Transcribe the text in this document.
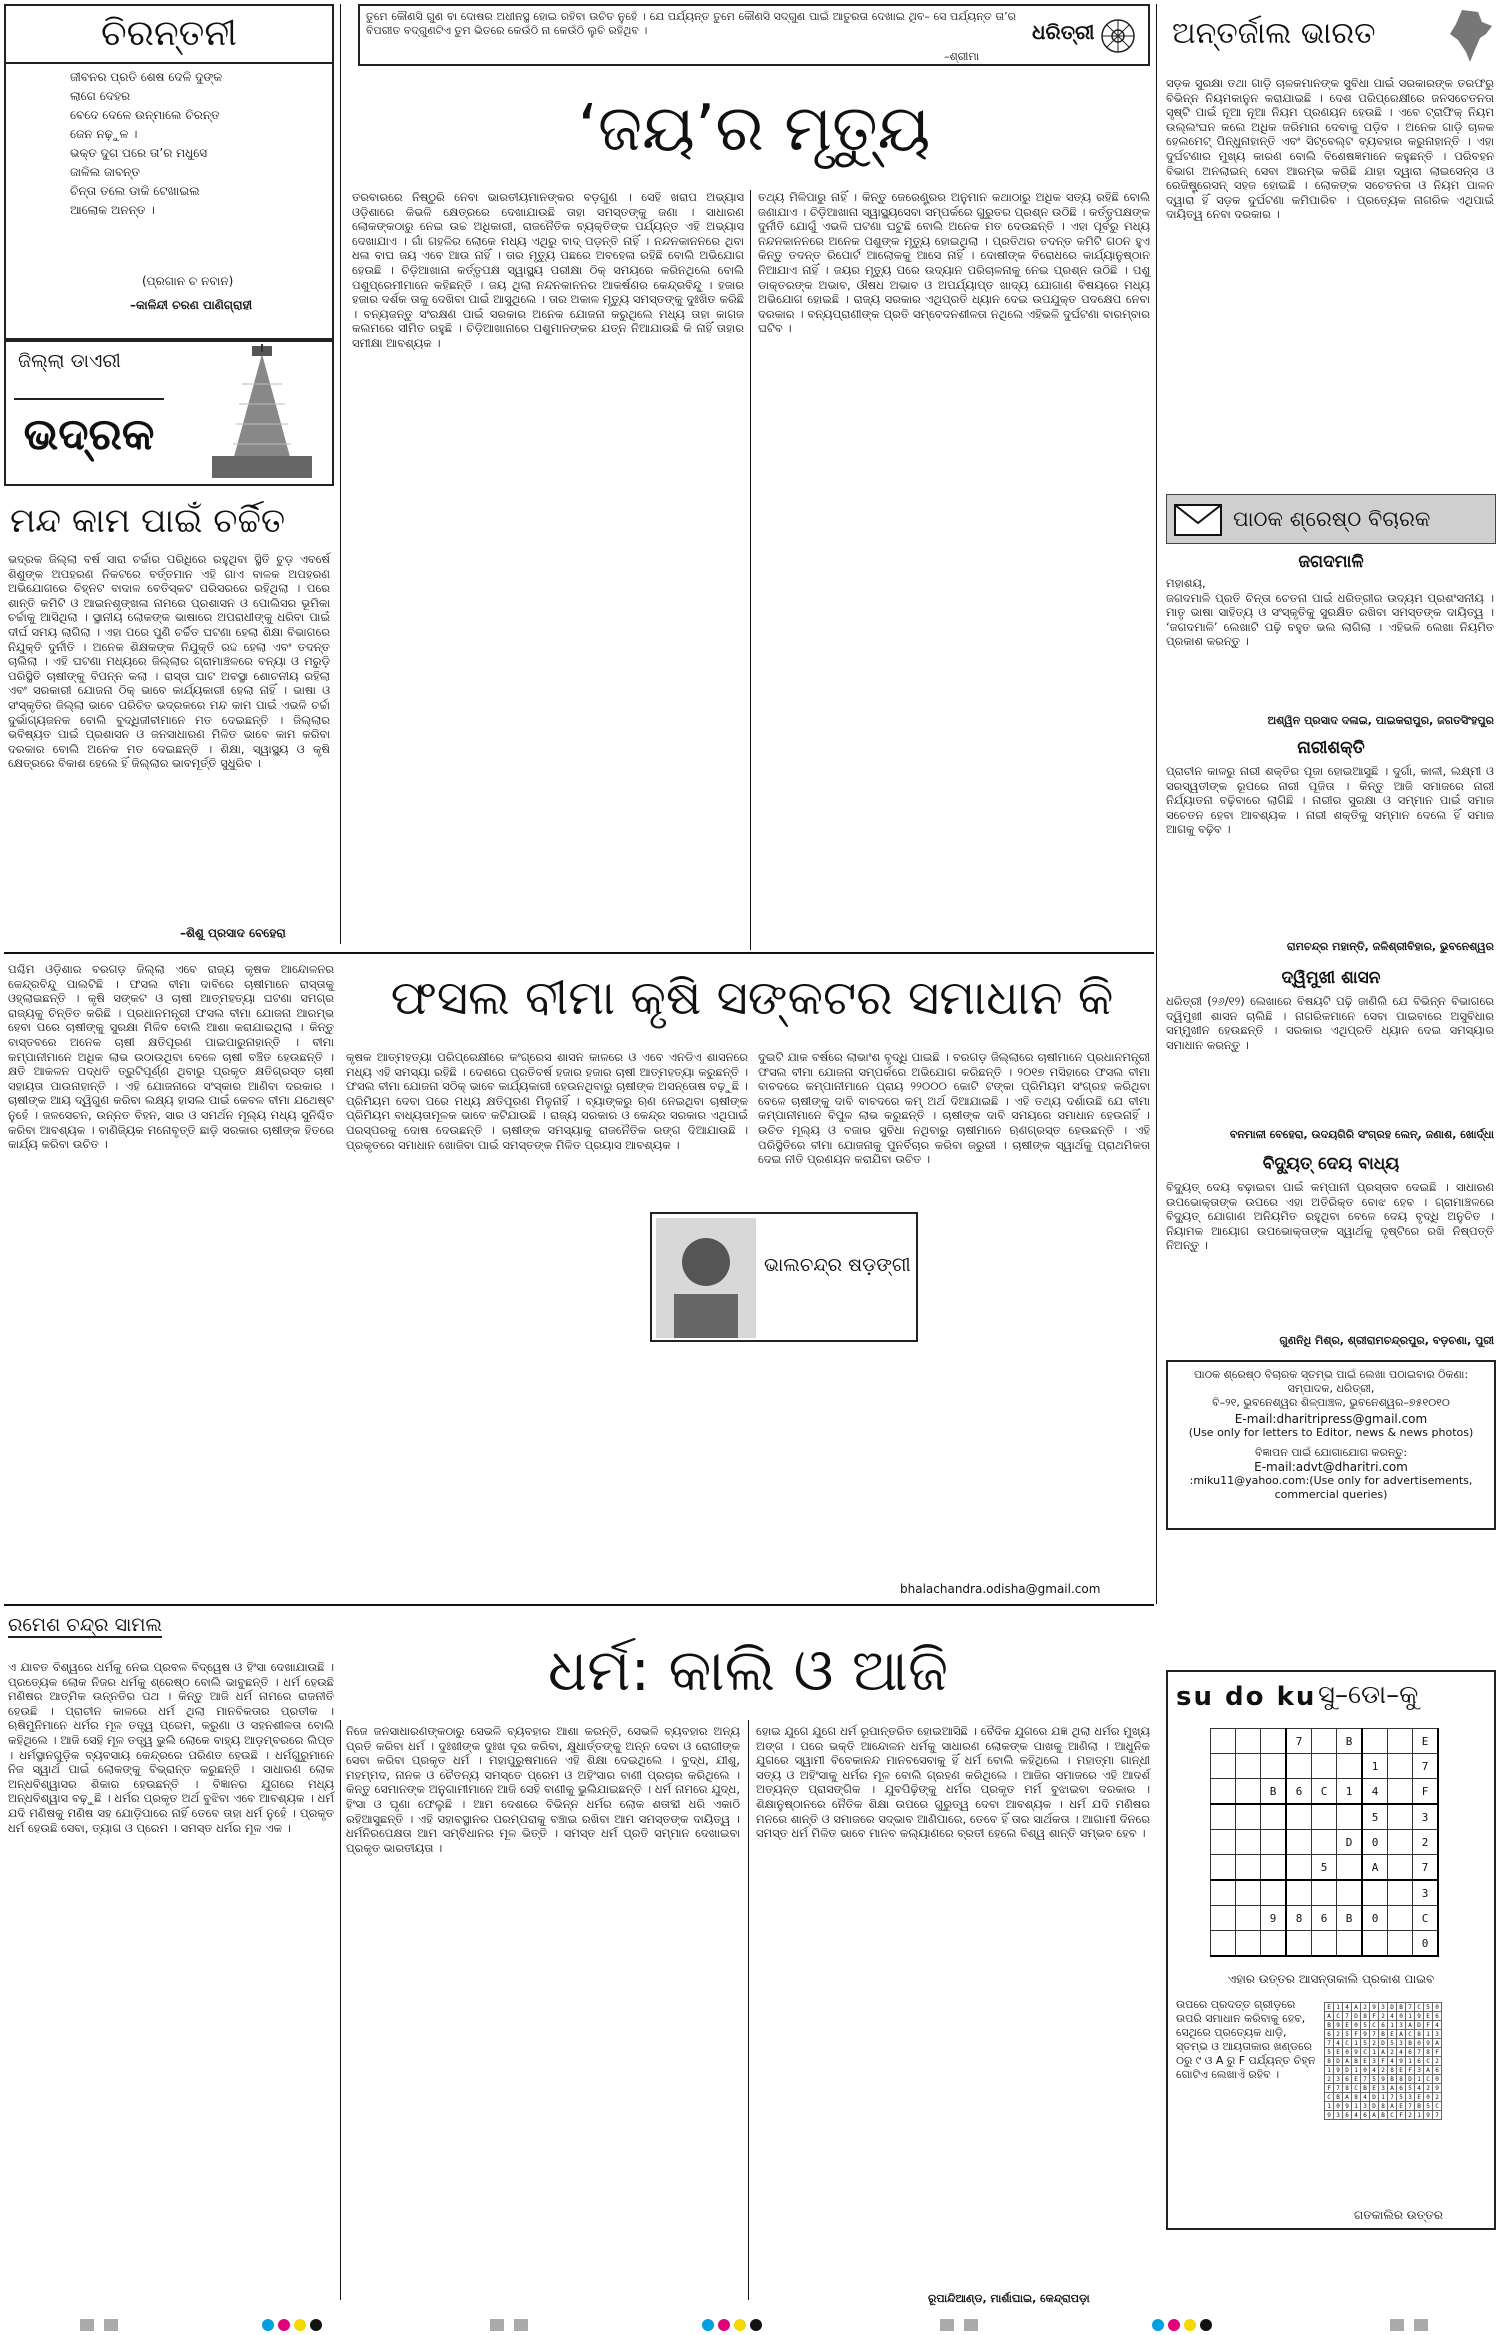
ଚିରନ୍ତନୀ
ଜୀବନର ପ୍ରତି ଶେଷ ଦେଳି ଦୁଙ୍କ
ଲାଗେ ଦେହର
ବେଦେ ଦେଳେ ଉନ୍ମାଲେ ଚିରନ୍ତ
ଜେନ ନଢ଼ୁଳ ।
ଭକ୍ତ ଦୁଗ ପରେ ତା’ର ମଧୁସେ
ଜାଳିଲ ଜାବନ୍ତ
ଚିନ୍ତା ତଲେ ଡାକି ଟେଖାଇଲ
ଆଲୋକ ଅନନ୍ତ ।
(ପ୍ରଗାନ ଚ ନବାନ)
–କାଳିନ୍ଦୀ ଚରଣ ପାଣିଗ୍ରାହୀ
ଜିଲ୍ଲା ଡାଏରୀ
ଭଦ୍ରକ
ମନ୍ଦ କାମ ପାଇଁ ଚର୍ଚ୍ଚିତ
ଭଦ୍ରକ ଜିଲ୍ଲା ବର୍ଷ ସାରା ଚର୍ଚ୍ଚାର ପରିଧିରେ ରହୁଥିବା ସ୍ଥିତି ଚୁଡ଼ ଏବର୍ଷେ ଶିଶୁଙ୍କ ଅପହରଣ ନିକଟରେ ବର୍ତ୍ତମାନ ଏହି ଗାଏ ବାଳକ ଅପହରଣ ଅଭିଯୋଗରେ ଚିହ୍ନଟ ବାଦାଳ ବେତିସ୍କଟ ପରିସରରେ ରହିଥିଲା । ପରେ ଶାନ୍ତି କମିଟି ଓ ଆଇନଶୃଙ୍ଖଳା ନାମରେ ପ୍ରଶାସନ ଓ ପୋଲିସର ଭୂମିକା ଚର୍ଚ୍ଚାକୁ ଆସିଥିଲା । ସ୍ଥାନୀୟ ଲୋକଙ୍କ ଭାଷାରେ ଅପରାଧୀଙ୍କୁ ଧରିବା ପାଇଁ ଦୀର୍ଘ ସମୟ ଲାଗିଲା । ଏହା ପରେ ପୁଣି ଚର୍ଚ୍ଚିତ ଘଟଣା ହେଲା ଶିକ୍ଷା ବିଭାଗରେ ନିଯୁକ୍ତି ଦୁର୍ନୀତି । ଅନେକ ଶିକ୍ଷକଙ୍କ ନିଯୁକ୍ତି ରଦ୍ଦ ହେଲା ଏବଂ ତଦନ୍ତ ଚାଲିଲା । ଏହି ଘଟଣା ମଧ୍ୟରେ ଜିଲ୍ଲାର ଗ୍ରାମାଞ୍ଚଳରେ ବନ୍ୟା ଓ ମରୁଡ଼ି ପରିସ୍ଥିତି ଚାଷୀଙ୍କୁ ବିପନ୍ନ କଲା । ରାସ୍ତା ଘାଟ ଅବସ୍ଥା ଶୋଚନୀୟ ରହିଲା ଏବଂ ସରକାରୀ ଯୋଜନା ଠିକ୍ ଭାବେ କାର୍ଯ୍ୟକାରୀ ହେଲା ନାହିଁ । ଭାଷା ଓ ସଂସ୍କୃତିର ଜିଲ୍ଲା ଭାବେ ପରିଚିତ ଭଦ୍ରକରେ ମନ୍ଦ କାମ ପାଇଁ ଏଭଳି ଚର୍ଚ୍ଚା ଦୁର୍ଭାଗ୍ୟଜନକ ବୋଲି ବୁଦ୍ଧିଜୀବୀମାନେ ମତ ଦେଇଛନ୍ତି । ଜିଲ୍ଲାର ଭବିଷ୍ୟତ ପାଇଁ ପ୍ରଶାସନ ଓ ଜନସାଧାରଣ ମିଳିତ ଭାବେ କାମ କରିବା ଦରକାର ବୋଲି ଅନେକ ମତ ଦେଇଛନ୍ତି । ଶିକ୍ଷା, ସ୍ୱାସ୍ଥ୍ୟ ଓ କୃଷି କ୍ଷେତ୍ରରେ ବିକାଶ ହେଲେ ହିଁ ଜିଲ୍ଲାର ଭାବମୂର୍ତ୍ତି ସୁଧୁରିବ ।
–ଶିଶୁ ପ୍ରସାଦ ବେହେରା
ତୁମେ କୌଣସି ଗୁଣ ବା ଦୋଷର ଅଧୀନସ୍ଥ ହୋଇ ରହିବା ଉଚିତ ନୁହେଁ । ଯେ ପର୍ଯ୍ୟନ୍ତ ତୁମେ କୌଣସି ସଦ୍‌ଗୁଣ ପାଇଁ ଆତୁରତା ଦେଖାଇ ଥିବ– ସେ ପର୍ଯ୍ୟନ୍ତ ତା’ର ବିପରୀତ ବଦ୍‌ଗୁଣଟିଏ ତୁମ ଭିତରେ କେଉଁଠି ନା କେଉଁଠି ଲୁଚି ରହିଥିବ ।
–ଶ୍ରୀମା
ଧରିତ୍ରୀ
‘ଜୟ’ର ମୃତ୍ୟୁ
ତରବାରରେ ନିଷ୍ଠୁରି ନେବା ଭାରତୀୟମାନଙ୍କର ବଡ଼ଗୁଣ । ସେହି ଖରାପ ଅଭ୍ୟାସ ଓଡ଼ିଶାରେ କିଭଳି କ୍ଷେତ୍ରରେ ଦେଖାଯାଉଛି ତାହା ସମସ୍ତଙ୍କୁ ଜଣା । ସାଧାରଣ ଲୋକଙ୍କଠାରୁ ନେଇ ଉଚ୍ଚ ଅଧିକାରୀ, ରାଜନୈତିକ ବ୍ୟକ୍ତିଙ୍କ ପର୍ଯ୍ୟନ୍ତ ଏହି ଅଭ୍ୟାସ ଦେଖାଯାଏ । ଗାଁ ଗହଳିର ଲୋକେ ମଧ୍ୟ ଏଥିରୁ ବାଦ୍ ପଡ଼ନ୍ତି ନାହିଁ । ନନ୍ଦନକାନନରେ ଥିବା ଧଳା ବାଘ ଜୟ ଏବେ ଆଉ ନାହିଁ । ତାର ମୃତ୍ୟୁ ପଛରେ ଅବହେଳା ରହିଛି ବୋଲି ଅଭିଯୋଗ ହେଉଛି । ଚିଡ଼ିଆଖାନା କର୍ତ୍ତୃପକ୍ଷ ସ୍ୱାସ୍ଥ୍ୟ ପରୀକ୍ଷା ଠିକ୍ ସମୟରେ କରିନଥିଲେ ବୋଲି ପଶୁପ୍ରେମୀମାନେ କହିଛନ୍ତି । ଜୟ ଥିଲା ନନ୍ଦନକାନନର ଆକର୍ଷଣର କେନ୍ଦ୍ରବିନ୍ଦୁ । ହଜାର ହଜାର ଦର୍ଶକ ତାକୁ ଦେଖିବା ପାଇଁ ଆସୁଥିଲେ । ତାର ଅକାଳ ମୃତ୍ୟୁ ସମସ୍ତଙ୍କୁ ଦୁଃଖିତ କରିଛି । ବନ୍ୟଜନ୍ତୁ ସଂରକ୍ଷଣ ପାଇଁ ସରକାର ଅନେକ ଯୋଜନା କରୁଥିଲେ ମଧ୍ୟ ତାହା କାଗଜ କଲମରେ ସୀମିତ ରହୁଛି । ଚିଡ଼ିଆଖାନାରେ ପଶୁମାନଙ୍କର ଯତ୍ନ ନିଆଯାଉଛି କି ନାହିଁ ତାହାର ସମୀକ୍ଷା ଆବଶ୍ୟକ ।
ତଥ୍ୟ ମିଳିପାରୁ ନାହିଁ । କିନ୍ତୁ ଜେରେଣ୍ଟ୍ରର ଅନୁମାନ କଥାଠାରୁ ଅଧିକ ସତ୍ୟ ରହିଛି ବୋଲି ଜଣାଯାଏ । ଚିଡ଼ିଆଖାନା ସ୍ୱାସ୍ଥ୍ୟସେବା ସମ୍ପର୍କରେ ଗୁରୁତର ପ୍ରଶ୍ନ ଉଠିଛି । କର୍ତ୍ତୃପକ୍ଷଙ୍କ ଦୁର୍ନୀତି ଯୋଗୁଁ ଏଭଳି ଘଟଣା ଘଟୁଛି ବୋଲି ଅନେକ ମତ ଦେଉଛନ୍ତି । ଏହା ପୂର୍ବରୁ ମଧ୍ୟ ନନ୍ଦନକାନନରେ ଅନେକ ପଶୁଙ୍କ ମୃତ୍ୟୁ ହୋଇଥିଲା । ପ୍ରତିଥର ତଦନ୍ତ କମିଟି ଗଠନ ହୁଏ କିନ୍ତୁ ତଦନ୍ତ ରିପୋର୍ଟ ଆଲୋକକୁ ଆସେ ନାହିଁ । ଦୋଷୀଙ୍କ ବିରୋଧରେ କାର୍ଯ୍ୟାନୁଷ୍ଠାନ ନିଆଯାଏ ନାହିଁ । ଜୟର ମୃତ୍ୟୁ ପରେ ଉଦ୍ୟାନ ପରିଚାଳନାକୁ ନେଇ ପ୍ରଶ୍ନ ଉଠିଛି । ପଶୁ ଡାକ୍ତରଙ୍କ ଅଭାବ, ଔଷଧ ଅଭାବ ଓ ଅପର୍ଯ୍ୟାପ୍ତ ଖାଦ୍ୟ ଯୋଗାଣ ବିଷୟରେ ମଧ୍ୟ ଅଭିଯୋଗ ହୋଇଛି । ରାଜ୍ୟ ସରକାର ଏଥିପ୍ରତି ଧ୍ୟାନ ଦେଇ ଉପଯୁକ୍ତ ପଦକ୍ଷେପ ନେବା ଦରକାର । ବନ୍ୟପ୍ରାଣୀଙ୍କ ପ୍ରତି ସମ୍ବେଦନଶୀଳତା ନଥିଲେ ଏହିଭଳି ଦୁର୍ଘଟଣା ବାରମ୍ବାର ଘଟିବ ।
ଅନ୍ତର୍ଜାଲ ଭାରତ
ସଡ଼କ ସୁରକ୍ଷା ତଥା ଗାଡ଼ି ଚାଳକମାନଙ୍କ ସୁବିଧା ପାଇଁ ସରକାରଙ୍କ ତରଫରୁ ବିଭିନ୍ନ ନିୟମକାନୁନ କରାଯାଇଛି । ଦେଶ ପରିପ୍ରେକ୍ଷୀରେ ଜନସଚେତନତା ସୃଷ୍ଟି ପାଇଁ ନୂଆ ନୂଆ ନିୟମ ପ୍ରଣୟନ ହେଉଛି । ଏବେ ଟ୍ରାଫିକ୍ ନିୟମ ଉଲ୍ଲଂଘନ କଲେ ଅଧିକ ଜରିମାନା ଦେବାକୁ ପଡ଼ିବ । ଅନେକ ଗାଡ଼ି ଚାଳକ ହେଲମେଟ୍ ପିନ୍ଧୁନାହାନ୍ତି ଏବଂ ସିଟ୍‌ବେଲ୍ଟ ବ୍ୟବହାର କରୁନାହାନ୍ତି । ଏହା ଦୁର୍ଘଟଣାର ମୁଖ୍ୟ କାରଣ ବୋଲି ବିଶେଷଜ୍ଞମାନେ କହୁଛନ୍ତି । ପରିବହନ ବିଭାଗ ଅନଲାଇନ୍ ସେବା ଆରମ୍ଭ କରିଛି ଯାହା ଦ୍ୱାରା ଲାଇସେନ୍ସ ଓ ରେଜିଷ୍ଟ୍ରେସନ୍ ସହଜ ହୋଇଛି । ଲୋକଙ୍କ ସଚେତନତା ଓ ନିୟମ ପାଳନ ଦ୍ୱାରା ହିଁ ସଡ଼କ ଦୁର୍ଘଟଣା କମିପାରିବ । ପ୍ରତ୍ୟେକ ନାଗରିକ ଏଥିପାଇଁ ଦାୟିତ୍ୱ ନେବା ଦରକାର ।
ପାଠକ ଶ୍ରେଷ୍ଠ ବିଚାରକ
ଜଗଦମାଳି
ମହାଶୟ,
ଜଗଦମାଳି ପ୍ରତି ଚିନ୍ତା ଚେତନା ପାଇଁ ଧରିତ୍ରୀର ଉଦ୍ୟମ ପ୍ରଶଂସନୀୟ । ମାତୃ ଭାଷା ସାହିତ୍ୟ ଓ ସଂସ୍କୃତିକୁ ସୁରକ୍ଷିତ ରଖିବା ସମସ୍ତଙ୍କ ଦାୟିତ୍ୱ । ‘ଜଗଦମାଳି’ ଲେଖାଟି ପଢ଼ି ବହୁତ ଭଲ ଲାଗିଲା । ଏହିଭଳି ଲେଖା ନିୟମିତ ପ୍ରକାଶ କରନ୍ତୁ ।
ଅଶ୍ୱିନ ପ୍ରସାଦ ଦଳାଇ, ପାଇକରାପୁର, ଜଗତସିଂହପୁର
ନାରୀଶକ୍ତି
ପ୍ରାଚୀନ କାଳରୁ ନାରୀ ଶକ୍ତିର ପୂଜା ହୋଇଆସୁଛି । ଦୁର୍ଗା, କାଳୀ, ଲକ୍ଷ୍ମୀ ଓ ସରସ୍ୱତୀଙ୍କ ରୂପରେ ନାରୀ ପୂଜିତା । କିନ୍ତୁ ଆଜି ସମାଜରେ ନାରୀ ନିର୍ଯ୍ୟାତନା ବଢ଼ିବାରେ ଲାଗିଛି । ନାରୀର ସୁରକ୍ଷା ଓ ସମ୍ମାନ ପାଇଁ ସମାଜ ସଚେତନ ହେବା ଆବଶ୍ୟକ । ନାରୀ ଶକ୍ତିକୁ ସମ୍ମାନ ଦେଲେ ହିଁ ସମାଜ ଆଗକୁ ବଢ଼ିବ ।
ରାମଚନ୍ଦ୍ର ମହାନ୍ତି, ଜଳିଶ୍ରୀବିହାର, ଭୁବନେଶ୍ୱର
ଦ୍ୱିମୁଖୀ ଶାସନ
ଧରିତ୍ରୀ (୨୬/୧୨) ଲେଖାରେ ବିଷୟଟି ପଢ଼ି ଜାଣିଲି ଯେ ବିଭିନ୍ନ ବିଭାଗରେ ଦ୍ୱିମୁଖୀ ଶାସନ ଚାଲିଛି । ନାଗରିକମାନେ ସେବା ପାଇବାରେ ଅସୁବିଧାର ସମ୍ମୁଖୀନ ହେଉଛନ୍ତି । ସରକାର ଏଥିପ୍ରତି ଧ୍ୟାନ ଦେଇ ସମସ୍ୟାର ସମାଧାନ କରନ୍ତୁ ।
ବନମାଳୀ ବେହେରା, ଉଦୟଗିରି ସଂଗ୍ରହ ଲେନ୍, ଜଣାଶ, ଖୋର୍ଦ୍ଧା
ବିଦ୍ୟୁତ୍ ଦେୟ ବାଧ୍ୟ
ବିଦ୍ୟୁତ୍ ଦେୟ ବଢ଼ାଇବା ପାଇଁ କମ୍ପାନୀ ପ୍ରସ୍ତାବ ଦେଇଛି । ସାଧାରଣ ଉପଭୋକ୍ତାଙ୍କ ଉପରେ ଏହା ଅତିରିକ୍ତ ବୋଝ ହେବ । ଗ୍ରାମାଞ୍ଚଳରେ ବିଦ୍ୟୁତ୍ ଯୋଗାଣ ଅନିୟମିତ ରହୁଥିବା ବେଳେ ଦେୟ ବୃଦ୍ଧି ଅନୁଚିତ । ନିୟାମକ ଆୟୋଗ ଉପଭୋକ୍ତାଙ୍କ ସ୍ୱାର୍ଥକୁ ଦୃଷ୍ଟିରେ ରଖି ନିଷ୍ପତ୍ତି ନିଅନ୍ତୁ ।
ଗୁଣନିଧି ମିଶ୍ର, ଶ୍ରୀରାମଚନ୍ଦ୍ରପୁର, ବଡ଼ଚଣା, ପୁରୀ
ପାଠକ ଶ୍ରେଷ୍ଠ ବିଚାରକ ସ୍ତମ୍ଭ ପାଇଁ ଲେଖା ପଠାଇବାର ଠିକଣା:
ସମ୍ପାଦକ, ଧରିତ୍ରୀ,
ବି–୨୧, ଭୁବନେଶ୍ୱର ଶିଳ୍ପାଞ୍ଚଳ, ଭୁବନେଶ୍ୱର–୭୫୧୦୧୦
E-mail:dharitripress@gmail.com
(Use only for letters to Editor, news & news photos)
ବିଜ୍ଞାପନ ପାଇଁ ଯୋଗାଯୋଗ କରନ୍ତୁ:
E-mail:advt@dharitri.com
:miku11@yahoo.com:(Use only for advertisements, commercial queries)
ପଶ୍ଚିମ ଓଡ଼ିଶାର ବରଗଡ଼ ଜିଲ୍ଲା ଏବେ ରାଜ୍ୟ କୃଷକ ଆନ୍ଦୋଳନର କେନ୍ଦ୍ରବିନ୍ଦୁ ପାଲଟିଛି । ଫସଲ ବୀମା ଦାବିରେ ଚାଷୀମାନେ ରାସ୍ତାକୁ ଓହ୍ଲାଇଛନ୍ତି । କୃଷି ସଙ୍କଟ ଓ ଚାଷୀ ଆତ୍ମହତ୍ୟା ଘଟଣା ସମଗ୍ର ରାଜ୍ୟକୁ ଚିନ୍ତିତ କରିଛି । ପ୍ରଧାନମନ୍ତ୍ରୀ ଫସଲ ବୀମା ଯୋଜନା ଆରମ୍ଭ ହେବା ପରେ ଚାଷୀଙ୍କୁ ସୁରକ୍ଷା ମିଳିବ ବୋଲି ଆଶା କରାଯାଇଥିଲା । କିନ୍ତୁ ବାସ୍ତବରେ ଅନେକ ଚାଷୀ କ୍ଷତିପୂରଣ ପାଇପାରୁନାହାନ୍ତି । ବୀମା କମ୍ପାନୀମାନେ ଅଧିକ ଲାଭ ଉଠାଉଥିବା ବେଳେ ଚାଷୀ ବଞ୍ଚିତ ହେଉଛନ୍ତି । କ୍ଷତି ଆକଳନ ପଦ୍ଧତି ତ୍ରୁଟିପୂର୍ଣ୍ଣ ଥିବାରୁ ପ୍ରକୃତ କ୍ଷତିଗ୍ରସ୍ତ ଚାଷୀ ସହାୟତା ପାଉନାହାନ୍ତି । ଏହି ଯୋଜନାରେ ସଂସ୍କାର ଆଣିବା ଦରକାର । ଚାଷୀଙ୍କ ଆୟ ଦ୍ୱିଗୁଣ କରିବା ଲକ୍ଷ୍ୟ ହାସଲ ପାଇଁ କେବଳ ବୀମା ଯଥେଷ୍ଟ ନୁହେଁ । ଜଳସେଚନ, ଉନ୍ନତ ବିହନ, ସାର ଓ ସମର୍ଥନ ମୂଲ୍ୟ ମଧ୍ୟ ସୁନିଶ୍ଚିତ କରିବା ଆବଶ୍ୟକ । ବାଣିଜ୍ୟିକ ମନୋବୃତ୍ତି ଛାଡ଼ି ସରକାର ଚାଷୀଙ୍କ ହିତରେ କାର୍ଯ୍ୟ କରିବା ଉଚିତ ।
ଫସଲ ବୀମା କୃଷି ସଙ୍କଟର ସମାଧାନ କି
କୃଷକ ଆତ୍ମହତ୍ୟା ପରିପ୍ରେକ୍ଷୀରେ କଂଗ୍ରେସ ଶାସନ କାଳରେ ଓ ଏବେ ଏନଡିଏ ଶାସନରେ ମଧ୍ୟ ଏହି ସମସ୍ୟା ରହିଛି । ଦେଶରେ ପ୍ରତିବର୍ଷ ହଜାର ହଜାର ଚାଷୀ ଆତ୍ମହତ୍ୟା କରୁଛନ୍ତି । ଫସଲ ବୀମା ଯୋଜନା ସଠିକ୍ ଭାବେ କାର୍ଯ୍ୟକାରୀ ହେଉନଥିବାରୁ ଚାଷୀଙ୍କ ଅସନ୍ତୋଷ ବଢ଼ୁଛି । ପ୍ରିମିୟମ ଦେବା ପରେ ମଧ୍ୟ କ୍ଷତିପୂରଣ ମିଳୁନାହିଁ । ବ୍ୟାଙ୍କରୁ ଋଣ ନେଇଥିବା ଚାଷୀଙ୍କ ପ୍ରିମିୟମ ବାଧ୍ୟତାମୂଳକ ଭାବେ କଟିଯାଉଛି । ରାଜ୍ୟ ସରକାର ଓ କେନ୍ଦ୍ର ସରକାର ଏଥିପାଇଁ ପରସ୍ପରକୁ ଦୋଷ ଦେଉଛନ୍ତି । ଚାଷୀଙ୍କ ସମସ୍ୟାକୁ ରାଜନୈତିକ ରଙ୍ଗ ଦିଆଯାଉଛି । ପ୍ରକୃତରେ ସମାଧାନ ଖୋଜିବା ପାଇଁ ସମସ୍ତଙ୍କ ମିଳିତ ପ୍ରୟାସ ଆବଶ୍ୟକ ।
ଦୁଇଟି ଯାକ ବର୍ଷରେ ଲାଭାଂଶ ବୃଦ୍ଧି ପାଇଛି । ବରଗଡ଼ ଜିଲ୍ଲାରେ ଚାଷୀମାନେ ପ୍ରଧାନମନ୍ତ୍ରୀ ଫସଲ ବୀମା ଯୋଜନା ସମ୍ପର୍କରେ ଅଭିଯୋଗ କରିଛନ୍ତି । ୨୦୧୭ ମସିହାରେ ଫସଲ ବୀମା ବାବଦରେ କମ୍ପାନୀମାନେ ପ୍ରାୟ ୨୨୦୦୦ କୋଟି ଟଙ୍କା ପ୍ରିମିୟମ ସଂଗ୍ରହ କରିଥିବା ବେଳେ ଚାଷୀଙ୍କୁ ଦାବି ବାବଦରେ କମ୍ ଅର୍ଥ ଦିଆଯାଇଛି । ଏହି ତଥ୍ୟ ଦର୍ଶାଉଛି ଯେ ବୀମା କମ୍ପାନୀମାନେ ବିପୁଳ ଲାଭ କରୁଛନ୍ତି । ଚାଷୀଙ୍କ ଦାବି ସମୟରେ ସମାଧାନ ହେଉନାହିଁ । ଉଚିତ ମୂଲ୍ୟ ଓ ବଜାର ସୁବିଧା ନଥିବାରୁ ଚାଷୀମାନେ ଋଣଗ୍ରସ୍ତ ହେଉଛନ୍ତି । ଏହି ପରିସ୍ଥିତିରେ ବୀମା ଯୋଜନାକୁ ପୁନର୍ବିଚାର କରିବା ଜରୁରୀ । ଚାଷୀଙ୍କ ସ୍ୱାର୍ଥକୁ ପ୍ରାଥମିକତା ଦେଇ ନୀତି ପ୍ରଣୟନ କରାଯିବା ଉଚିତ ।
ଭାଲଚନ୍ଦ୍ର ଷଡ଼ଙ୍ଗୀ
bhalachandra.odisha@gmail.com
ରମେଶ ଚନ୍ଦ୍ର ସାମଲ
ଧର୍ମ: କାଲି ଓ ଆଜି
ଏ ଯାବତ ବିଶ୍ୱରେ ଧର୍ମକୁ ନେଇ ପ୍ରବଳ ବିଦ୍ୱେଷ ଓ ହିଂସା ଦେଖାଯାଉଛି । ପ୍ରତ୍ୟେକ ଲୋକ ନିଜର ଧର୍ମକୁ ଶ୍ରେଷ୍ଠ ବୋଲି ଭାବୁଛନ୍ତି । ଧର୍ମ ହେଉଛି ମଣିଷର ଆତ୍ମିକ ଉନ୍ନତିର ପଥ । କିନ୍ତୁ ଆଜି ଧର୍ମ ନାମରେ ରାଜନୀତି ହେଉଛି । ପ୍ରାଚୀନ କାଳରେ ଧର୍ମ ଥିଲା ମାନବିକତାର ପ୍ରତୀକ । ଋଷିମୁନିମାନେ ଧର୍ମର ମୂଳ ତତ୍ତ୍ୱ ପ୍ରେମ, କରୁଣା ଓ ସହନଶୀଳତା ବୋଲି କହିଥିଲେ । ଆଜି ସେହି ମୂଳ ତତ୍ତ୍ୱ ଭୁଲି ଲୋକେ ବାହ୍ୟ ଆଡ଼ମ୍ବରରେ ଲିପ୍ତ । ଧର୍ମସ୍ଥାନଗୁଡ଼ିକ ବ୍ୟବସାୟ କେନ୍ଦ୍ରରେ ପରିଣତ ହେଉଛି । ଧର୍ମଗୁରୁମାନେ ନିଜ ସ୍ୱାର୍ଥ ପାଇଁ ଲୋକଙ୍କୁ ବିଭ୍ରାନ୍ତ କରୁଛନ୍ତି । ସାଧାରଣ ଲୋକ ଅନ୍ଧବିଶ୍ୱାସର ଶିକାର ହେଉଛନ୍ତି । ବିଜ୍ଞାନର ଯୁଗରେ ମଧ୍ୟ ଅନ୍ଧବିଶ୍ୱାସ ବଢ଼ୁଛି । ଧର୍ମର ପ୍ରକୃତ ଅର୍ଥ ବୁଝିବା ଏବେ ଆବଶ୍ୟକ । ଧର୍ମ ଯଦି ମଣିଷକୁ ମଣିଷ ସହ ଯୋଡ଼ିପାରେ ନାହିଁ ତେବେ ତାହା ଧର୍ମ ନୁହେଁ । ପ୍ରକୃତ ଧର୍ମ ହେଉଛି ସେବା, ତ୍ୟାଗ ଓ ପ୍ରେମ । ସମସ୍ତ ଧର୍ମର ମୂଳ ଏକ ।
ନିଜେ ଜନସାଧାରଣଙ୍କଠାରୁ ସେଭଳି ବ୍ୟବହାର ଆଶା କରନ୍ତି, ସେଭଳି ବ୍ୟବହାର ଅନ୍ୟ ପ୍ରତି କରିବା ଧର୍ମ । ଦୁଃଖୀଙ୍କ ଦୁଃଖ ଦୂର କରିବା, କ୍ଷୁଧାର୍ତ୍ତଙ୍କୁ ଅନ୍ନ ଦେବା ଓ ରୋଗୀଙ୍କ ସେବା କରିବା ପ୍ରକୃତ ଧର୍ମ । ମହାପୁରୁଷମାନେ ଏହି ଶିକ୍ଷା ଦେଇଥିଲେ । ବୁଦ୍ଧ, ଯୀଶୁ, ମହମ୍ମଦ, ନାନକ ଓ ଚୈତନ୍ୟ ସମସ୍ତେ ପ୍ରେମ ଓ ଅହିଂସାର ବାଣୀ ପ୍ରଚାର କରିଥିଲେ । କିନ୍ତୁ ସେମାନଙ୍କ ଅନୁଗାମୀମାନେ ଆଜି ସେହି ବାଣୀକୁ ଭୁଲିଯାଇଛନ୍ତି । ଧର୍ମ ନାମରେ ଯୁଦ୍ଧ, ହିଂସା ଓ ଘୃଣା ଫେଲୁଛି । ଆମ ଦେଶରେ ବିଭିନ୍ନ ଧର୍ମର ଲୋକ ଶତାବ୍ଦୀ ଧରି ଏକାଠି ରହିଆସୁଛନ୍ତି । ଏହି ସହାବସ୍ଥାନର ପରମ୍ପରାକୁ ବଞ୍ଚାଇ ରଖିବା ଆମ ସମସ୍ତଙ୍କ ଦାୟିତ୍ୱ । ଧର୍ମନିରପେକ୍ଷତା ଆମ ସମ୍ବିଧାନର ମୂଳ ଭିତ୍ତି । ସମସ୍ତ ଧର୍ମ ପ୍ରତି ସମ୍ମାନ ଦେଖାଇବା ପ୍ରକୃତ ଭାରତୀୟତା ।
ହୋଇ ଯୁଗେ ଯୁଗେ ଧର୍ମ ରୂପାନ୍ତରିତ ହୋଇଆସିଛି । ବୈଦିକ ଯୁଗରେ ଯଜ୍ଞ ଥିଲା ଧର୍ମର ମୁଖ୍ୟ ଅଙ୍ଗ । ପରେ ଭକ୍ତି ଆନ୍ଦୋଳନ ଧର୍ମକୁ ସାଧାରଣ ଲୋକଙ୍କ ପାଖକୁ ଆଣିଲା । ଆଧୁନିକ ଯୁଗରେ ସ୍ୱାମୀ ବିବେକାନନ୍ଦ ମାନବସେବାକୁ ହିଁ ଧର୍ମ ବୋଲି କହିଥିଲେ । ମହାତ୍ମା ଗାନ୍ଧୀ ସତ୍ୟ ଓ ଅହିଂସାକୁ ଧର୍ମର ମୂଳ ବୋଲି ଗ୍ରହଣ କରିଥିଲେ । ଆଜିର ସମାଜରେ ଏହି ଆଦର୍ଶ ଅତ୍ୟନ୍ତ ପ୍ରାସଙ୍ଗିକ । ଯୁବପିଢ଼ିଙ୍କୁ ଧର୍ମର ପ୍ରକୃତ ମର୍ମ ବୁଝାଇବା ଦରକାର । ଶିକ୍ଷାନୁଷ୍ଠାନରେ ନୈତିକ ଶିକ୍ଷା ଉପରେ ଗୁରୁତ୍ୱ ଦେବା ଆବଶ୍ୟକ । ଧର୍ମ ଯଦି ମଣିଷର ମନରେ ଶାନ୍ତି ଓ ସମାଜରେ ସଦ୍ଭାବ ଆଣିପାରେ, ତେବେ ହିଁ ତାର ସାର୍ଥକତା । ଆଗାମୀ ଦିନରେ ସମସ୍ତ ଧର୍ମ ମିଳିତ ଭାବେ ମାନବ କଲ୍ୟାଣରେ ବ୍ରତୀ ହେଲେ ବିଶ୍ୱ ଶାନ୍ତି ସମ୍ଭବ ହେବ ।
ରୂପାନ୍ଦିଆଣ୍ଡ, ମାର୍ଶାଘାଇ, କେନ୍ଦ୍ରାପଡ଼ା
su do ku ସୁ–ଡୋ–କୁ
			7		B			E
						1		7
		B	6	C	1	4		F
						5		3
					D	0		2
				5		A		7
								3
		9	8	6	B	0		C
								0
ଏହାର ଉତ୍ତର ଆସନ୍ତାକାଲି ପ୍ରକାଶ ପାଇବ
ଉପରେ ପ୍ରଦତ୍ତ ଗ୍ରୀଡ଼ରେ ଉପରି ସମାଧାନ କରିବାକୁ ହେବ, ସେଥିରେ ପ୍ରତ୍ୟେକ ଧାଡ଼ି, ସ୍ତମ୍ଭ ଓ ଆୟତାକାର ଖଣ୍ଡରେ ୦ରୁ ୯ ଓ A ରୁ F ପର୍ଯ୍ୟନ୍ତ ଚିହ୍ନ ଗୋଟିଏ ଲେଖାଏଁ ରହିବ ।
E	1	4	A	2	9	3	D	B	7	C	5	0
A	C	7	D	8	F	2	4	0	1	9	E	6
B	9	E	0	5	C	6	1	3	A	D	F	4
6	2	5	F	9	7	B	E	A	C	8	1	3
7	4	C	1	5	2	D	5	3	B	0	9	A
5	E	0	9	C	1	A	2	4	6	7	8	F
8	D	A	B	E	3	F	4	9	1	6	C	2
1	9	D	1	0	4	2	8	E	F	3	A	6
2	3	6	E	7	5	9	B	8	D	1	C	0
F	7	8	C	B	E	3	A	6	5	4	2	9
C	B	A	8	4	D	1	7	5	3	E	0	2
1	0	9	1	3	D	8	A	E	7	B	5	C
9	3	6	4	6	A	B	C	F	2	1	9	7
ଗତକାଲିର ଉତ୍ତର
